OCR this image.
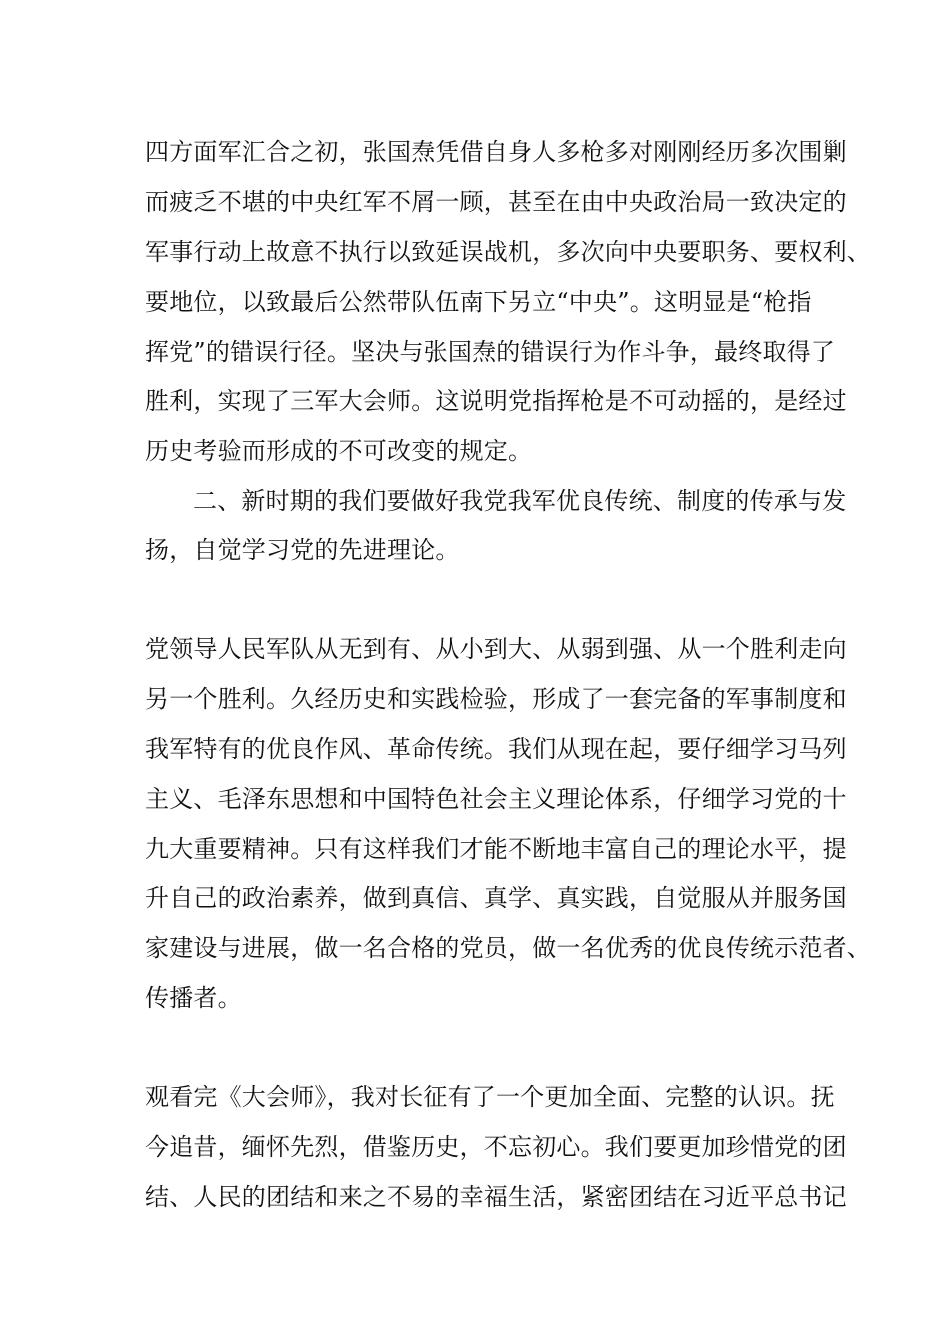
四方面军汇合之初，张国焘凭借自身人多枪多对刚刚经历多次围剿
而疲乏不堪的中央红军不屑一顾，甚至在由中央政治局一致决定的
军事行动上故意不执行以致延误战机，多次向中央要职务、要权利、
要地位，以致最后公然带队伍南下另立“中央”。这明显是“枪指
挥党”的错误行径。坚决与张国焘的错误行为作斗争，最终取得了
胜利，实现了三军大会师。这说明党指挥枪是不可动摇的，是经过
历史考验而形成的不可改变的规定。
二、新时期的我们要做好我党我军优良传统、制度的传承与发
扬，自觉学习党的先进理论。
党领导人民军队从无到有、从小到大、从弱到强、从一个胜利走向
另一个胜利。久经历史和实践检验，形成了一套完备的军事制度和
我军特有的优良作风、革命传统。我们从现在起，要仔细学习马列
主义、毛泽东思想和中国特色社会主义理论体系，仔细学习党的十
九大重要精神。只有这样我们才能不断地丰富自己的理论水平，提
升自己的政治素养，做到真信、真学、真实践，自觉服从并服务国
家建设与进展，做一名合格的党员，做一名优秀的优良传统示范者、
传播者。
观看完《大会师》，我对长征有了一个更加全面、完整的认识。抚
今追昔，缅怀先烈，借鉴历史，不忘初心。我们要更加珍惜党的团
结、人民的团结和来之不易的幸福生活，紧密团结在习近平总书记
